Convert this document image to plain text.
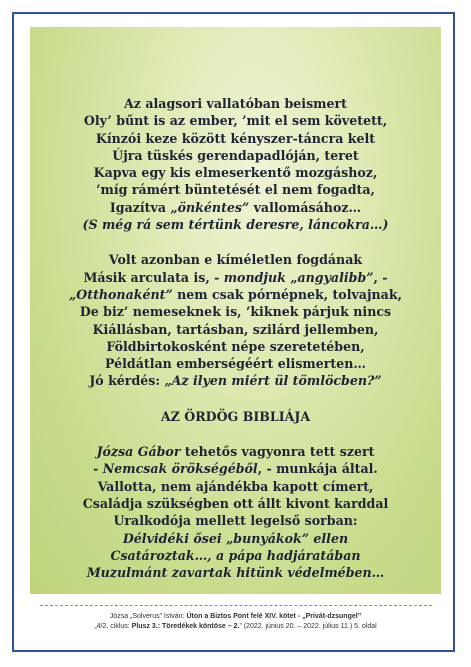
Az alagsori vallatóban beismert
Oly’ bűnt is az ember, ’mit el sem követett,
Kínzói keze között kényszer-táncra kelt
Újra tüskés gerendapadlóján, teret
Kapva egy kis elmeserkentő mozgáshoz,
’míg rámért büntetését el nem fogadta,
Igazítva „önkéntes” vallomásához…
(S még rá sem tértünk deresre, láncokra…)
Volt azonban e kíméletlen fogdának
Másik arculata is, - mondjuk „angyalibb”, -
„Otthonaként” nem csak pórnépnek, tolvajnak,
De biz’ nemeseknek is, ’kiknek párjuk nincs
Kiállásban, tartásban, szilárd jellemben,
Földbirtokosként népe szeretetében,
Példátlan emberségéért elismerten…
Jó kérdés: „Az ilyen miért ül tömlöcben?”
AZ ÖRDÖG BIBLIÁJA
Józsa Gábor tehetős vagyonra tett szert
- Nemcsak örökségéből, - munkája által.
Vallotta, nem ajándékba kapott címert,
Családja szükségben ott állt kivont karddal
Uralkodója mellett legelső sorban:
Délvidéki ősei „bunyákok” ellen
Csatároztak…, a pápa hadjáratában
Muzulmánt zavartak hitünk védelmében…
Józsa „Solverus” István: Úton a Biztos Pont felé XIV. kötet - „Privát-dzsungel”
„4/2. ciklus: Plusz 3.: Töredékek köntöse – 2.” (2022. június 20. – 2022. július 11.) 5. oldal
